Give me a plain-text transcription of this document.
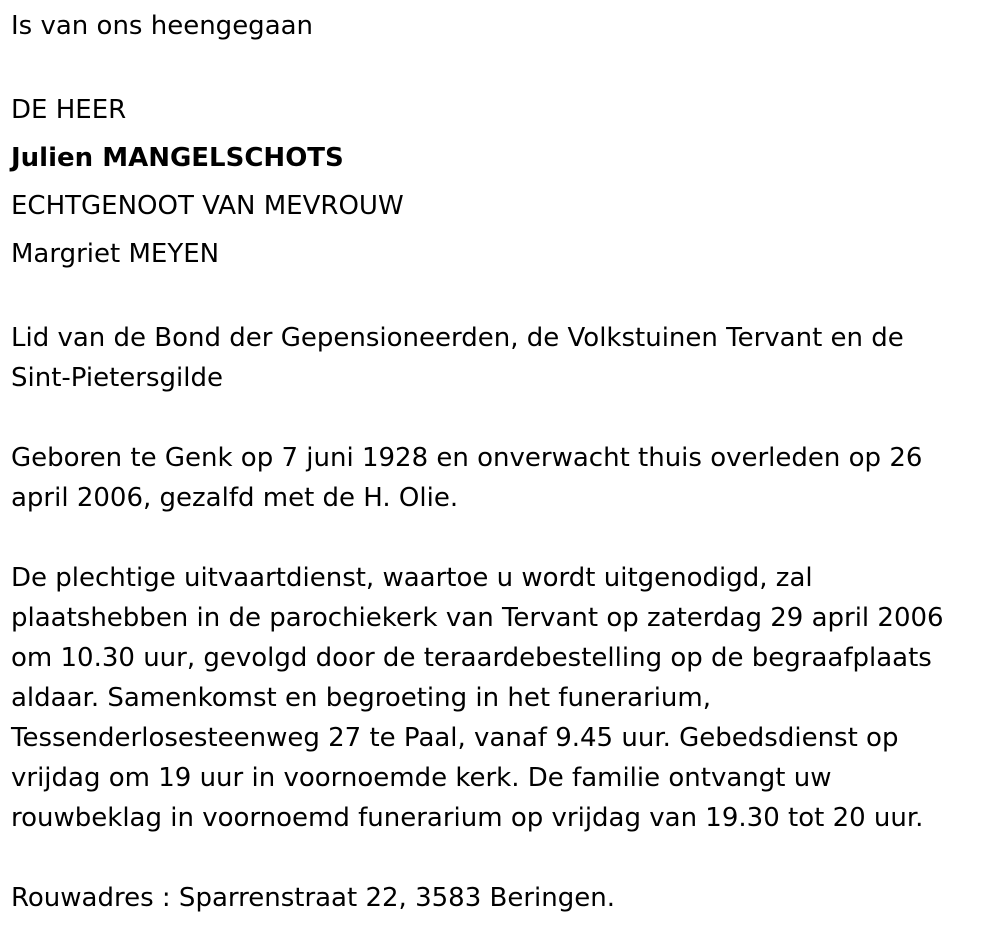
Is van ons heengegaan
DE HEER
Julien MANGELSCHOTS
ECHTGENOOT VAN MEVROUW
Margriet MEYEN

Lid van de Bond der Gepensioneerden, de Volkstuinen Tervant en de
Sint-Pietersgilde

Geboren te Genk op 7 juni 1928 en onverwacht thuis overleden op 26
april 2006, gezalfd met de H. Olie.

De plechtige uitvaartdienst, waartoe u wordt uitgenodigd, zal
plaatshebben in de parochiekerk van Tervant op zaterdag 29 april 2006
om 10.30 uur, gevolgd door de teraardebestelling op de begraafplaats
aldaar. Samenkomst en begroeting in het funerarium,
Tessenderlosesteenweg 27 te Paal, vanaf 9.45 uur. Gebedsdienst op
vrijdag om 19 uur in voornoemde kerk. De familie ontvangt uw
rouwbeklag in voornoemd funerarium op vrijdag van 19.30 tot 20 uur.

Rouwadres : Sparrenstraat 22, 3583 Beringen.
